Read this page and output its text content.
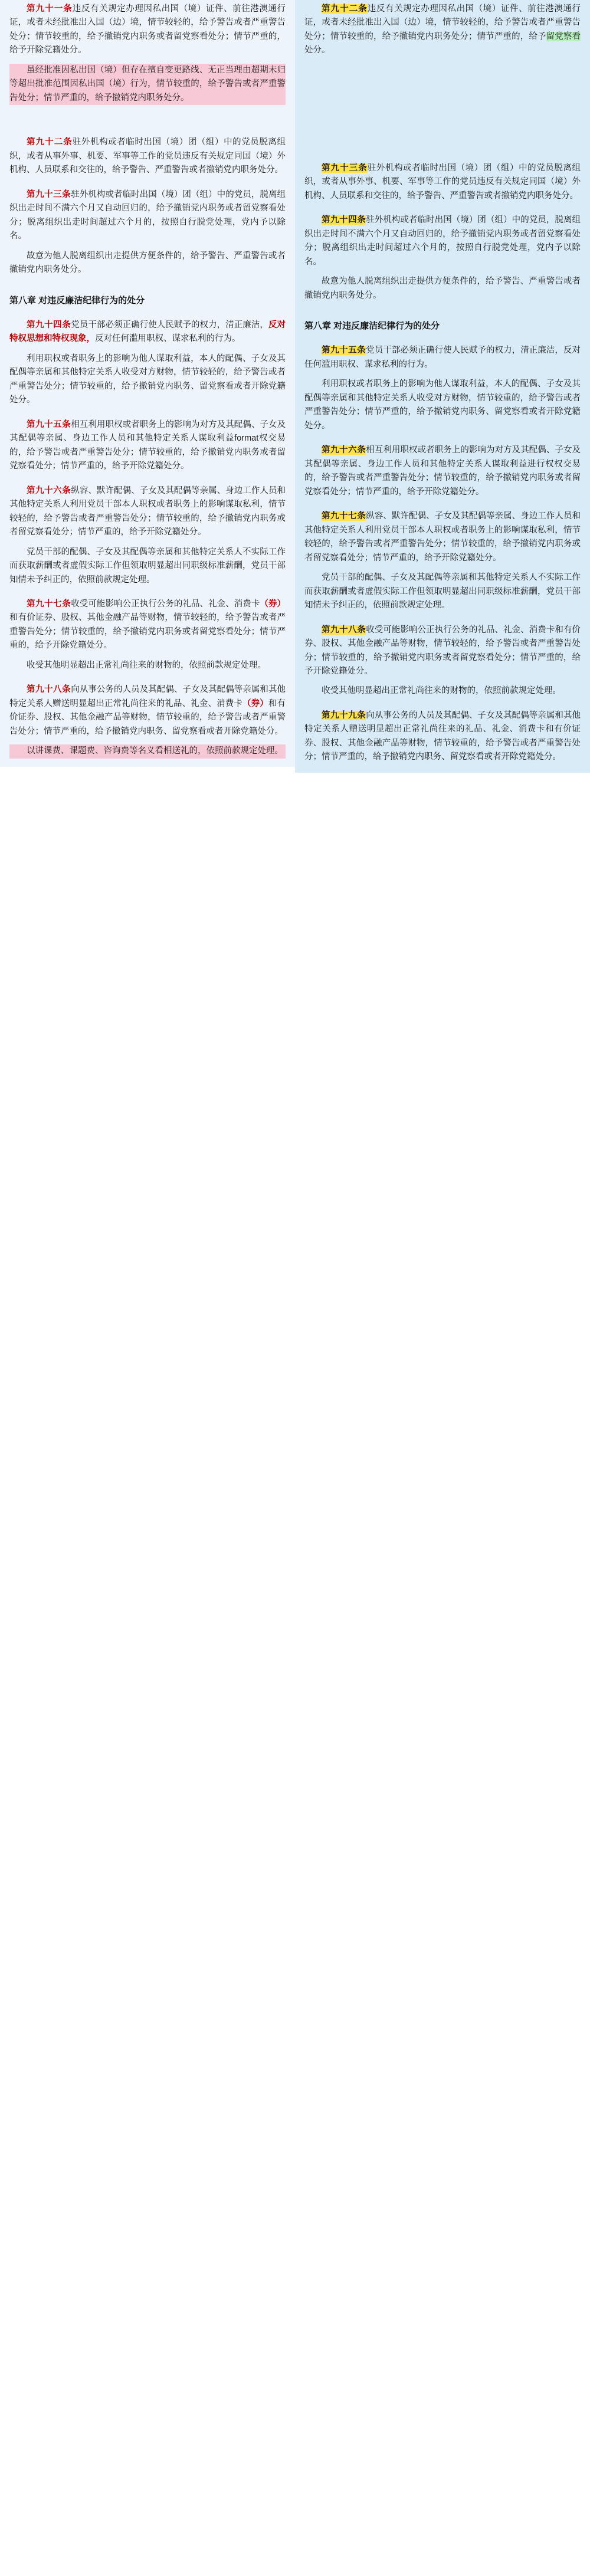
第九十一条违反有关规定办理因私出国（境）证件、前往港澳通行证，或者未经批准出入国（边）境，情节较轻的，给予警告或者严重警告处分；情节较重的，给予撤销党内职务或者留党察看处分；情节严重的，给予开除党籍处分。

虽经批准因私出国（境）但存在擅自变更路线、无正当理由超期未归等超出批准范围因私出国（境）行为，情节较重的，给予警告或者严重警告处分；情节严重的，给予撤销党内职务处分。

第九十二条驻外机构或者临时出国（境）团（组）中的党员脱离组织，或者从事外事、机要、军事等工作的党员违反有关规定同国（境）外机构、人员联系和交往的，给予警告、严重警告或者撤销党内职务处分。

第九十三条驻外机构或者临时出国（境）团（组）中的党员，脱离组织出走时间不满六个月又自动回归的，给予撤销党内职务或者留党察看处分；脱离组织出走时间超过六个月的，按照自行脱党处理，党内予以除名。

故意为他人脱离组织出走提供方便条件的，给予警告、严重警告或者撤销党内职务处分。

第八章 对违反廉洁纪律行为的处分

第九十四条党员干部必须正确行使人民赋予的权力，清正廉洁，反对特权思想和特权现象，反对任何滥用职权、谋求私利的行为。

利用职权或者职务上的影响为他人谋取利益，本人的配偶、子女及其配偶等亲属和其他特定关系人收受对方财物，情节较轻的，给予警告或者严重警告处分；情节较重的，给予撤销党内职务、留党察看或者开除党籍处分。

第九十五条相互利用职权或者职务上的影响为对方及其配偶、子女及其配偶等亲属、身边工作人员和其他特定关系人谋取利益format权交易的，给予警告或者严重警告处分；情节较重的，给予撤销党内职务或者留党察看处分；情节严重的，给予开除党籍处分。

第九十六条纵容、默许配偶、子女及其配偶等亲属、身边工作人员和其他特定关系人利用党员干部本人职权或者职务上的影响谋取私利，情节较轻的，给予警告或者严重警告处分；情节较重的，给予撤销党内职务或者留党察看处分；情节严重的，给予开除党籍处分。

党员干部的配偶、子女及其配偶等亲属和其他特定关系人不实际工作而获取薪酬或者虚假实际工作但领取明显超出同职级标准薪酬，党员干部知情未予纠正的，依照前款规定处理。

第九十七条收受可能影响公正执行公务的礼品、礼金、消费卡（券）和有价证券、股权、其他金融产品等财物，情节较轻的，给予警告或者严重警告处分；情节较重的，给予撤销党内职务或者留党察看处分；情节严重的，给予开除党籍处分。

收受其他明显超出正常礼尚往来的财物的，依照前款规定处理。

第九十八条向从事公务的人员及其配偶、子女及其配偶等亲属和其他特定关系人赠送明显超出正常礼尚往来的礼品、礼金、消费卡（券）和有价证券、股权、其他金融产品等财物，情节较重的，给予警告或者严重警告处分；情节严重的，给予撤销党内职务、留党察看或者开除党籍处分。

以讲课费、课题费、咨询费等名义看相送礼的，依照前款规定处理。

第九十二条违反有关规定办理因私出国（境）证件、前往港澳通行证，或者未经批准出入国（边）境，情节较轻的，给予警告或者严重警告处分；情节较重的，给予撤销党内职务处分；情节严重的，给予留党察看处分。

第九十三条驻外机构或者临时出国（境）团（组）中的党员脱离组织，或者从事外事、机要、军事等工作的党员违反有关规定同国（境）外机构、人员联系和交往的，给予警告、严重警告或者撤销党内职务处分。

第九十四条驻外机构或者临时出国（境）团（组）中的党员，脱离组织出走时间不满六个月又自动回归的，给予撤销党内职务或者留党察看处分；脱离组织出走时间超过六个月的，按照自行脱党处理，党内予以除名。

故意为他人脱离组织出走提供方便条件的，给予警告、严重警告或者撤销党内职务处分。

第八章 对违反廉洁纪律行为的处分

第九十五条党员干部必须正确行使人民赋予的权力，清正廉洁，反对任何滥用职权、谋求私利的行为。

利用职权或者职务上的影响为他人谋取利益，本人的配偶、子女及其配偶等亲属和其他特定关系人收受对方财物，情节较重的，给予警告或者严重警告处分；情节严重的，给予撤销党内职务、留党察看或者开除党籍处分。

第九十六条相互利用职权或者职务上的影响为对方及其配偶、子女及其配偶等亲属、身边工作人员和其他特定关系人谋取利益进行权权交易的，给予警告或者严重警告处分；情节较重的，给予撤销党内职务或者留党察看处分；情节严重的，给予开除党籍处分。

第九十七条纵容、默许配偶、子女及其配偶等亲属、身边工作人员和其他特定关系人利用党员干部本人职权或者职务上的影响谋取私利，情节较轻的，给予警告或者严重警告处分；情节较重的，给予撤销党内职务或者留党察看处分；情节严重的，给予开除党籍处分。

党员干部的配偶、子女及其配偶等亲属和其他特定关系人不实际工作而获取薪酬或者虚假实际工作但领取明显超出同职级标准薪酬，党员干部知情未予纠正的，依照前款规定处理。

第九十八条收受可能影响公正执行公务的礼品、礼金、消费卡和有价券、股权、其他金融产品等财物，情节较轻的，给予警告或者严重警告处分；情节较重的，给予撤销党内职务或者留党察看处分；情节严重的，给予开除党籍处分。

收受其他明显超出正常礼尚往来的财物的，依照前款规定处理。

第九十九条向从事公务的人员及其配偶、子女及其配偶等亲属和其他特定关系人赠送明显超出正常礼尚往来的礼品、礼金、消费卡和有价证券、股权、其他金融产品等财物，情节较重的，给予警告或者严重警告处分；情节严重的，给予撤销党内职务、留党察看或者开除党籍处分。
